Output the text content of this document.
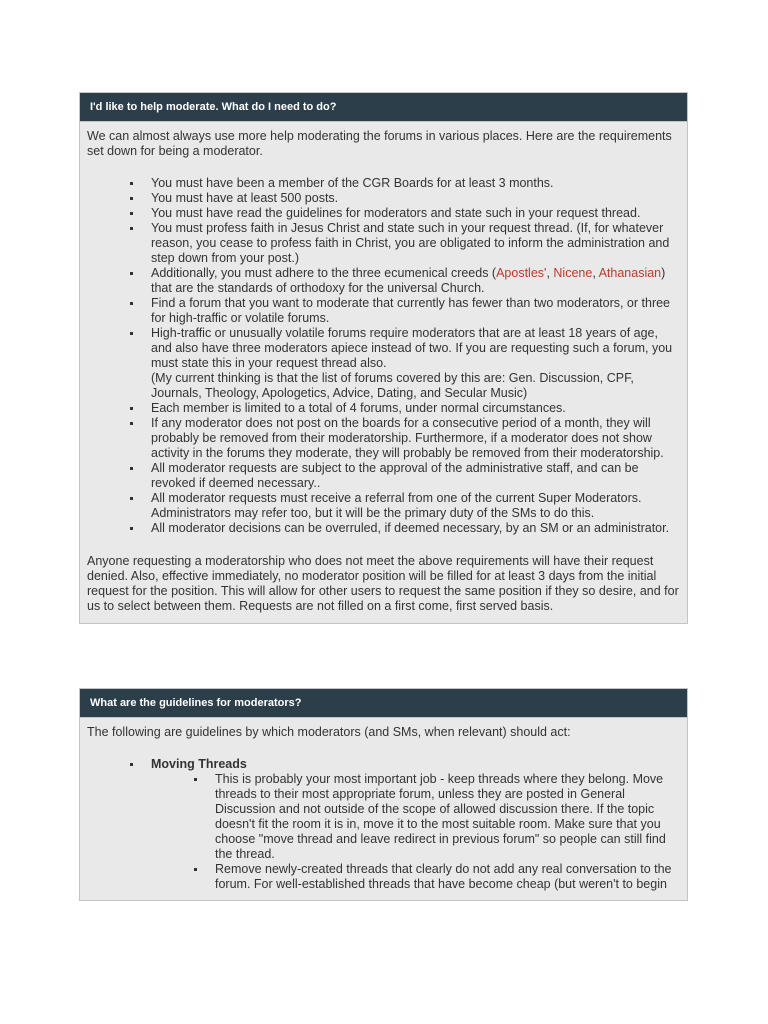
I'd like to help moderate. What do I need to do?

We can almost always use more help moderating the forums in various places. Here are the requirements set down for being a moderator.

You must have been a member of the CGR Boards for at least 3 months.
You must have at least 500 posts.
You must have read the guidelines for moderators and state such in your request thread.
You must profess faith in Jesus Christ and state such in your request thread. (If, for whatever reason, you cease to profess faith in Christ, you are obligated to inform the administration and step down from your post.)
Additionally, you must adhere to the three ecumenical creeds (Apostles', Nicene, Athanasian) that are the standards of orthodoxy for the universal Church.
Find a forum that you want to moderate that currently has fewer than two moderators, or three for high-traffic or volatile forums.
High-traffic or unusually volatile forums require moderators that are at least 18 years of age, and also have three moderators apiece instead of two. If you are requesting such a forum, you must state this in your request thread also.
(My current thinking is that the list of forums covered by this are: Gen. Discussion, CPF, Journals, Theology, Apologetics, Advice, Dating, and Secular Music)
Each member is limited to a total of 4 forums, under normal circumstances.
If any moderator does not post on the boards for a consecutive period of a month, they will probably be removed from their moderatorship. Furthermore, if a moderator does not show activity in the forums they moderate, they will probably be removed from their moderatorship.
All moderator requests are subject to the approval of the administrative staff, and can be revoked if deemed necessary..
All moderator requests must receive a referral from one of the current Super Moderators. Administrators may refer too, but it will be the primary duty of the SMs to do this.
All moderator decisions can be overruled, if deemed necessary, by an SM or an administrator.

Anyone requesting a moderatorship who does not meet the above requirements will have their request denied. Also, effective immediately, no moderator position will be filled for at least 3 days from the initial request for the position. This will allow for other users to request the same position if they so desire, and for us to select between them. Requests are not filled on a first come, first served basis.

What are the guidelines for moderators?

The following are guidelines by which moderators (and SMs, when relevant) should act:

Moving Threads
This is probably your most important job - keep threads where they belong. Move threads to their most appropriate forum, unless they are posted in General Discussion and not outside of the scope of allowed discussion there. If the topic doesn't fit the room it is in, move it to the most suitable room. Make sure that you choose "move thread and leave redirect in previous forum" so people can still find the thread.
Remove newly-created threads that clearly do not add any real conversation to the forum. For well-established threads that have become cheap (but weren't to begin
